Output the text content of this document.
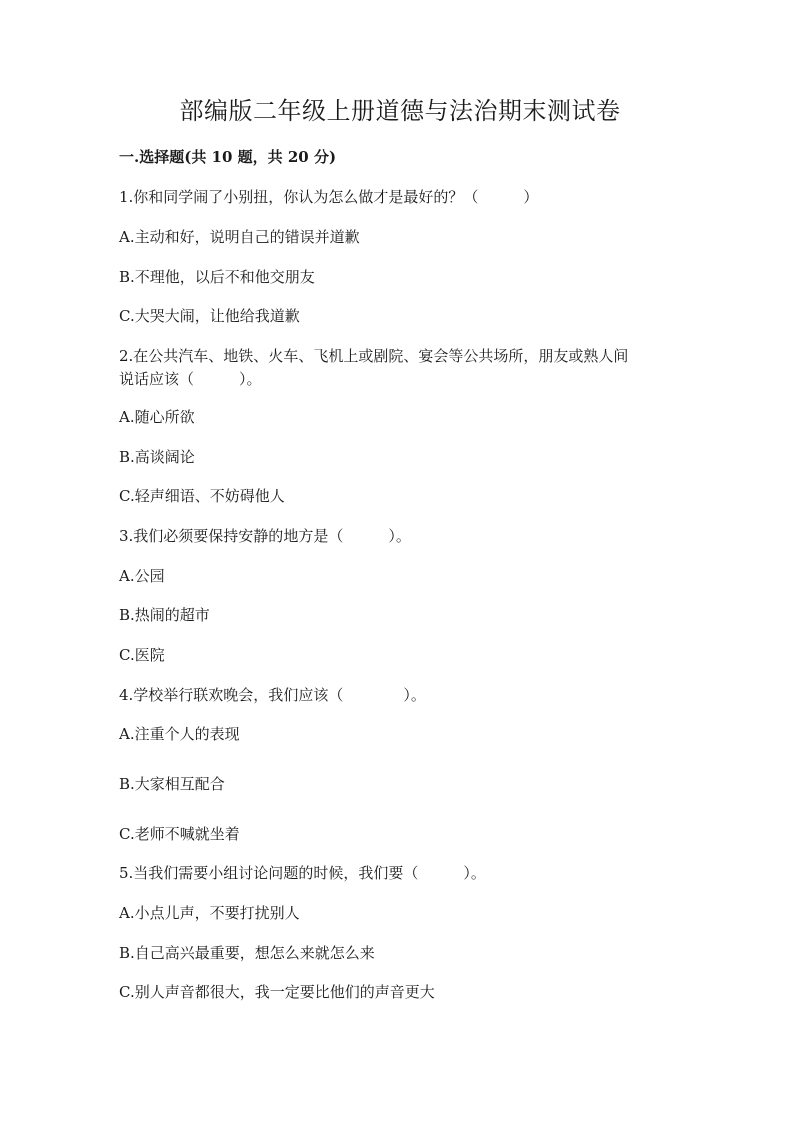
部编版二年级上册道德与法治期末测试卷
一.选择题(共 10 题，共 20 分)
1.你和同学闹了小别扭，你认为怎么做才是最好的？（　　　）
A.主动和好，说明自己的错误并道歉
B.不理他，以后不和他交朋友
C.大哭大闹，让他给我道歉
2.在公共汽车、地铁、火车、飞机上或剧院、宴会等公共场所，朋友或熟人间
说话应该（　　　）。
A.随心所欲
B.高谈阔论
C.轻声细语、不妨碍他人
3.我们必须要保持安静的地方是（　　　）。
A.公园
B.热闹的超市
C.医院
4.学校举行联欢晚会，我们应该（　　　　）。
A.注重个人的表现
B.大家相互配合
C.老师不喊就坐着
5.当我们需要小组讨论问题的时候，我们要（　　　）。
A.小点儿声，不要打扰别人
B.自己高兴最重要，想怎么来就怎么来
C.别人声音都很大，我一定要比他们的声音更大
